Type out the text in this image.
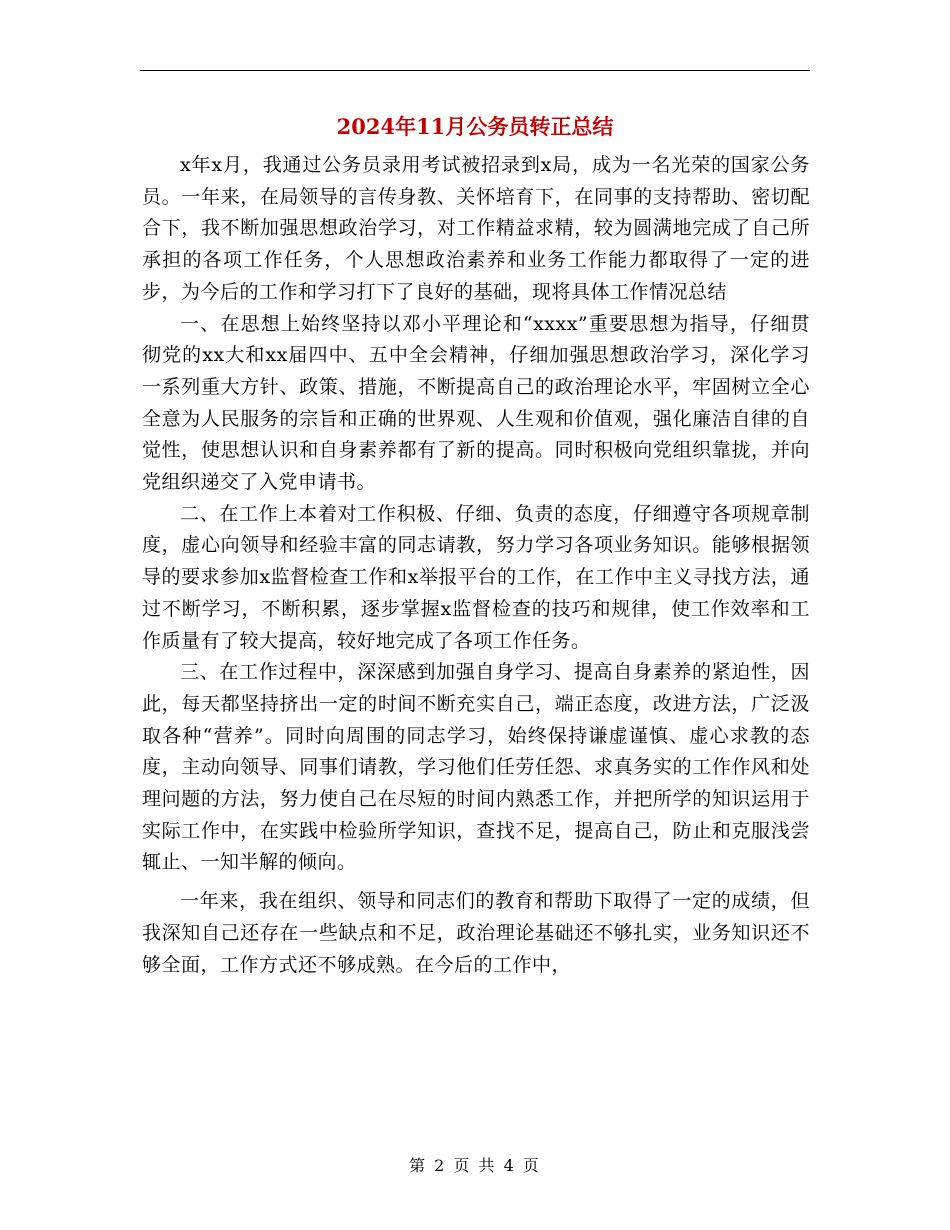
2024年11月公务员转正总结

x年x月，我通过公务员录用考试被招录到x局，成为一名光荣的国家公务员。一年来，在局领导的言传身教、关怀培育下，在同事的支持帮助、密切配合下，我不断加强思想政治学习，对工作精益求精，较为圆满地完成了自己所承担的各项工作任务，个人思想政治素养和业务工作能力都取得了一定的进步，为今后的工作和学习打下了良好的基础，现将具体工作情况总结

一、在思想上始终坚持以邓小平理论和“xxxx”重要思想为指导，仔细贯彻党的xx大和xx届四中、五中全会精神，仔细加强思想政治学习，深化学习一系列重大方针、政策、措施，不断提高自己的政治理论水平，牢固树立全心全意为人民服务的宗旨和正确的世界观、人生观和价值观，强化廉洁自律的自觉性，使思想认识和自身素养都有了新的提高。同时积极向党组织靠拢，并向党组织递交了入党申请书。

二、在工作上本着对工作积极、仔细、负责的态度，仔细遵守各项规章制度，虚心向领导和经验丰富的同志请教，努力学习各项业务知识。能够根据领导的要求参加x监督检查工作和x举报平台的工作，在工作中主义寻找方法，通过不断学习，不断积累，逐步掌握x监督检查的技巧和规律，使工作效率和工作质量有了较大提高，较好地完成了各项工作任务。

三、在工作过程中，深深感到加强自身学习、提高自身素养的紧迫性，因此，每天都坚持挤出一定的时间不断充实自己，端正态度，改进方法，广泛汲取各种“营养”。同时向周围的同志学习，始终保持谦虚谨慎、虚心求教的态度，主动向领导、同事们请教，学习他们任劳任怨、求真务实的工作作风和处理问题的方法，努力使自己在尽短的时间内熟悉工作，并把所学的知识运用于实际工作中，在实践中检验所学知识，查找不足，提高自己，防止和克服浅尝辄止、一知半解的倾向。

一年来，我在组织、领导和同志们的教育和帮助下取得了一定的成绩，但我深知自己还存在一些缺点和不足，政治理论基础还不够扎实，业务知识还不够全面，工作方式还不够成熟。在今后的工作中，

第 2 页 共 4 页
